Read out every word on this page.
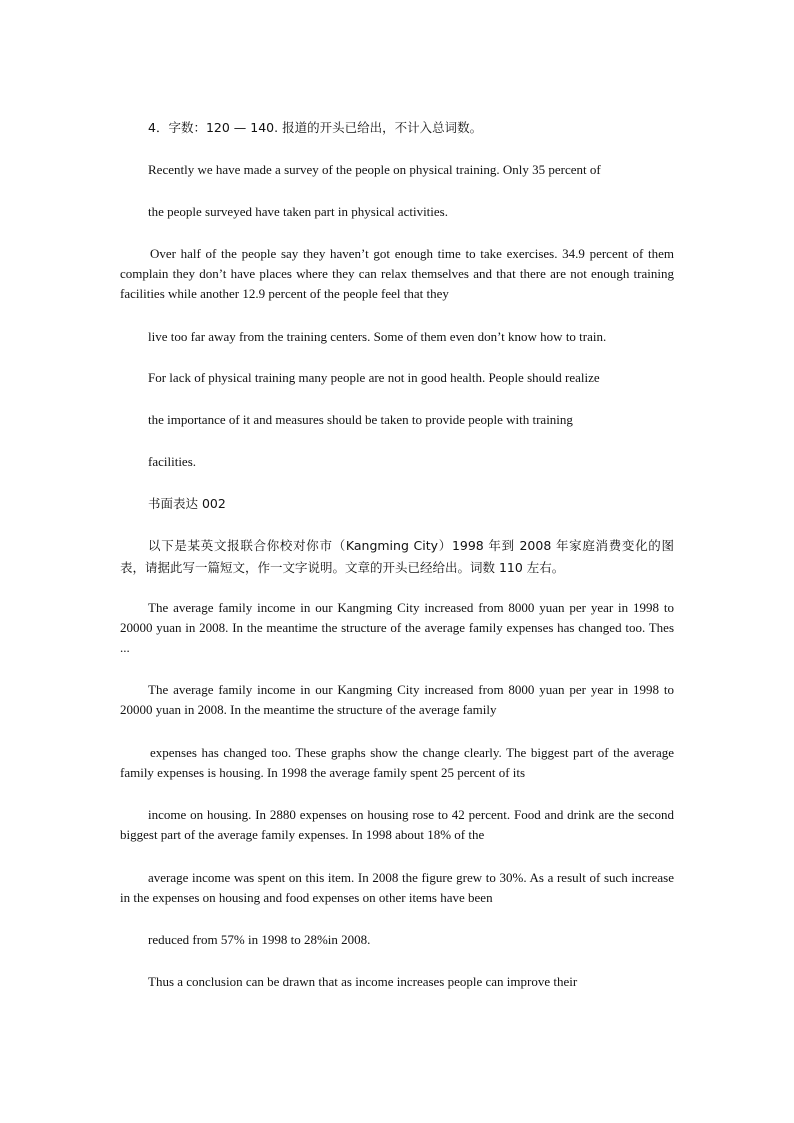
4．字数：120 — 140. 报道的开头已给出，不计入总词数。
Recently we have made a survey of the people on physical training. Only 35 percent of
the people surveyed have taken part in physical activities.
Over half of the people say they haven’t got enough time to take exercises. 34.9 percent of them complain they don’t have places where they can relax themselves and that there are not enough training facilities while another 12.9 percent of the people feel that they
live too far away from the training centers. Some of them even don’t know how to train.
For lack of physical training many people are not in good health. People should realize
the importance of it and measures should be taken to provide people with training
facilities.
书面表达 002
以下是某英文报联合你校对你市（Kangming City）1998 年到 2008 年家庭消费变化的图表，请据此写一篇短文，作一文字说明。文章的开头已经给出。词数 110 左右。
The average family income in our Kangming City increased from 8000 yuan per year in 1998 to 20000 yuan in 2008. In the meantime the structure of the average family expenses has changed too. Thes ...
The average family income in our Kangming City increased from 8000 yuan per year in 1998 to 20000 yuan in 2008. In the meantime the structure of the average family
expenses has changed too. These graphs show the change clearly. The biggest part of the average family expenses is housing. In 1998 the average family spent 25 percent of its
income on housing. In 2880 expenses on housing rose to 42 percent. Food and drink are the second biggest part of the average family expenses. In 1998 about 18% of the
average income was spent on this item. In 2008 the figure grew to 30%. As a result of such increase in the expenses on housing and food expenses on other items have been
reduced from 57% in 1998 to 28%in 2008.
Thus a conclusion can be drawn that as income increases people can improve their
